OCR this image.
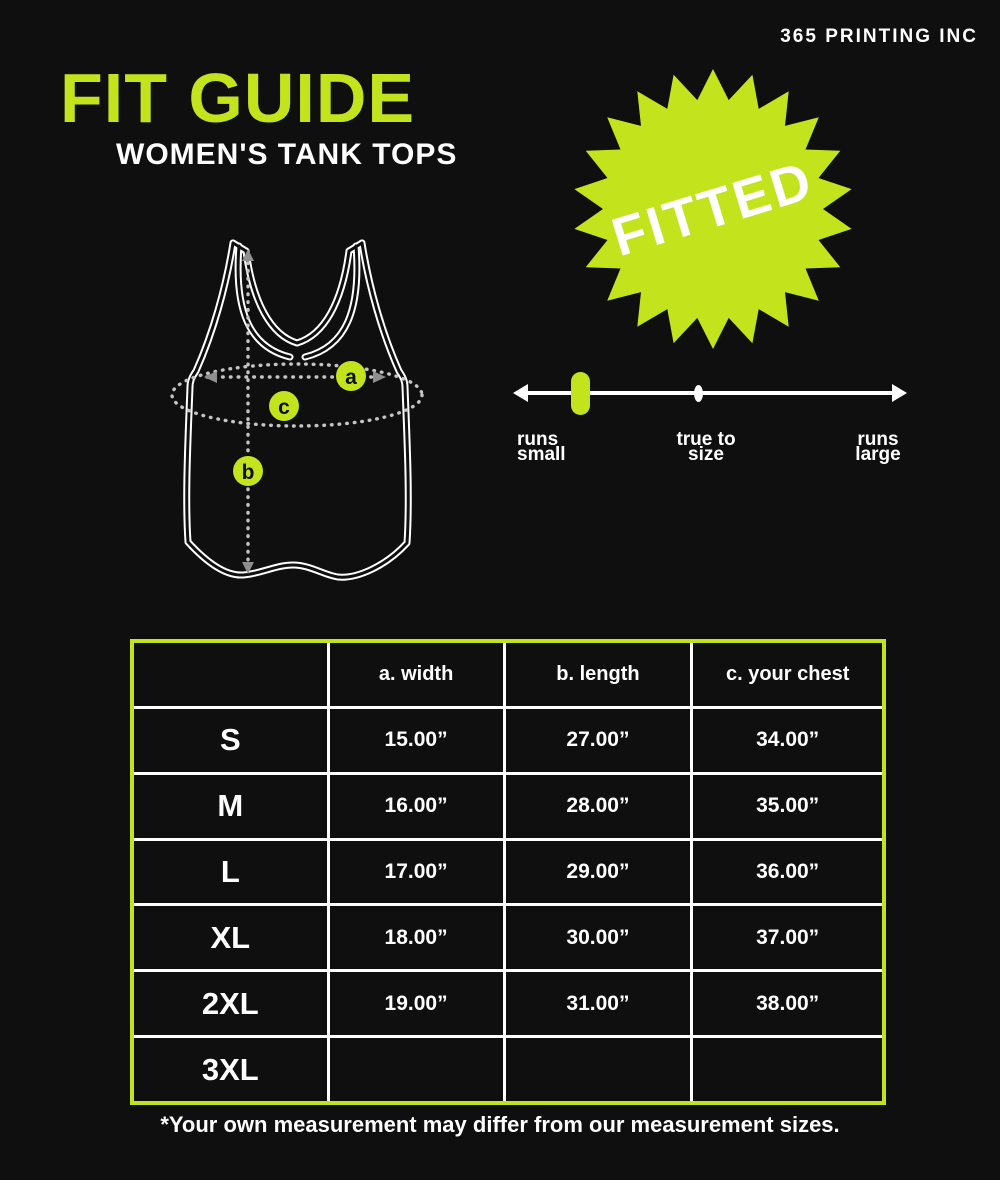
365 PRINTING INC
FIT GUIDE
WOMEN'S TANK TOPS	FITTED
a
c
b
runs
small
true to
size
runs
large
a. width	b. length	c. your chest
S	15.00”	27.00”	34.00”
M	16.00”	28.00”	35.00”
L	17.00”	29.00”	36.00”
XL	18.00”	30.00”	37.00”
2XL	19.00”	31.00”	38.00”
3XL
*Your own measurement may differ from our measurement sizes.
